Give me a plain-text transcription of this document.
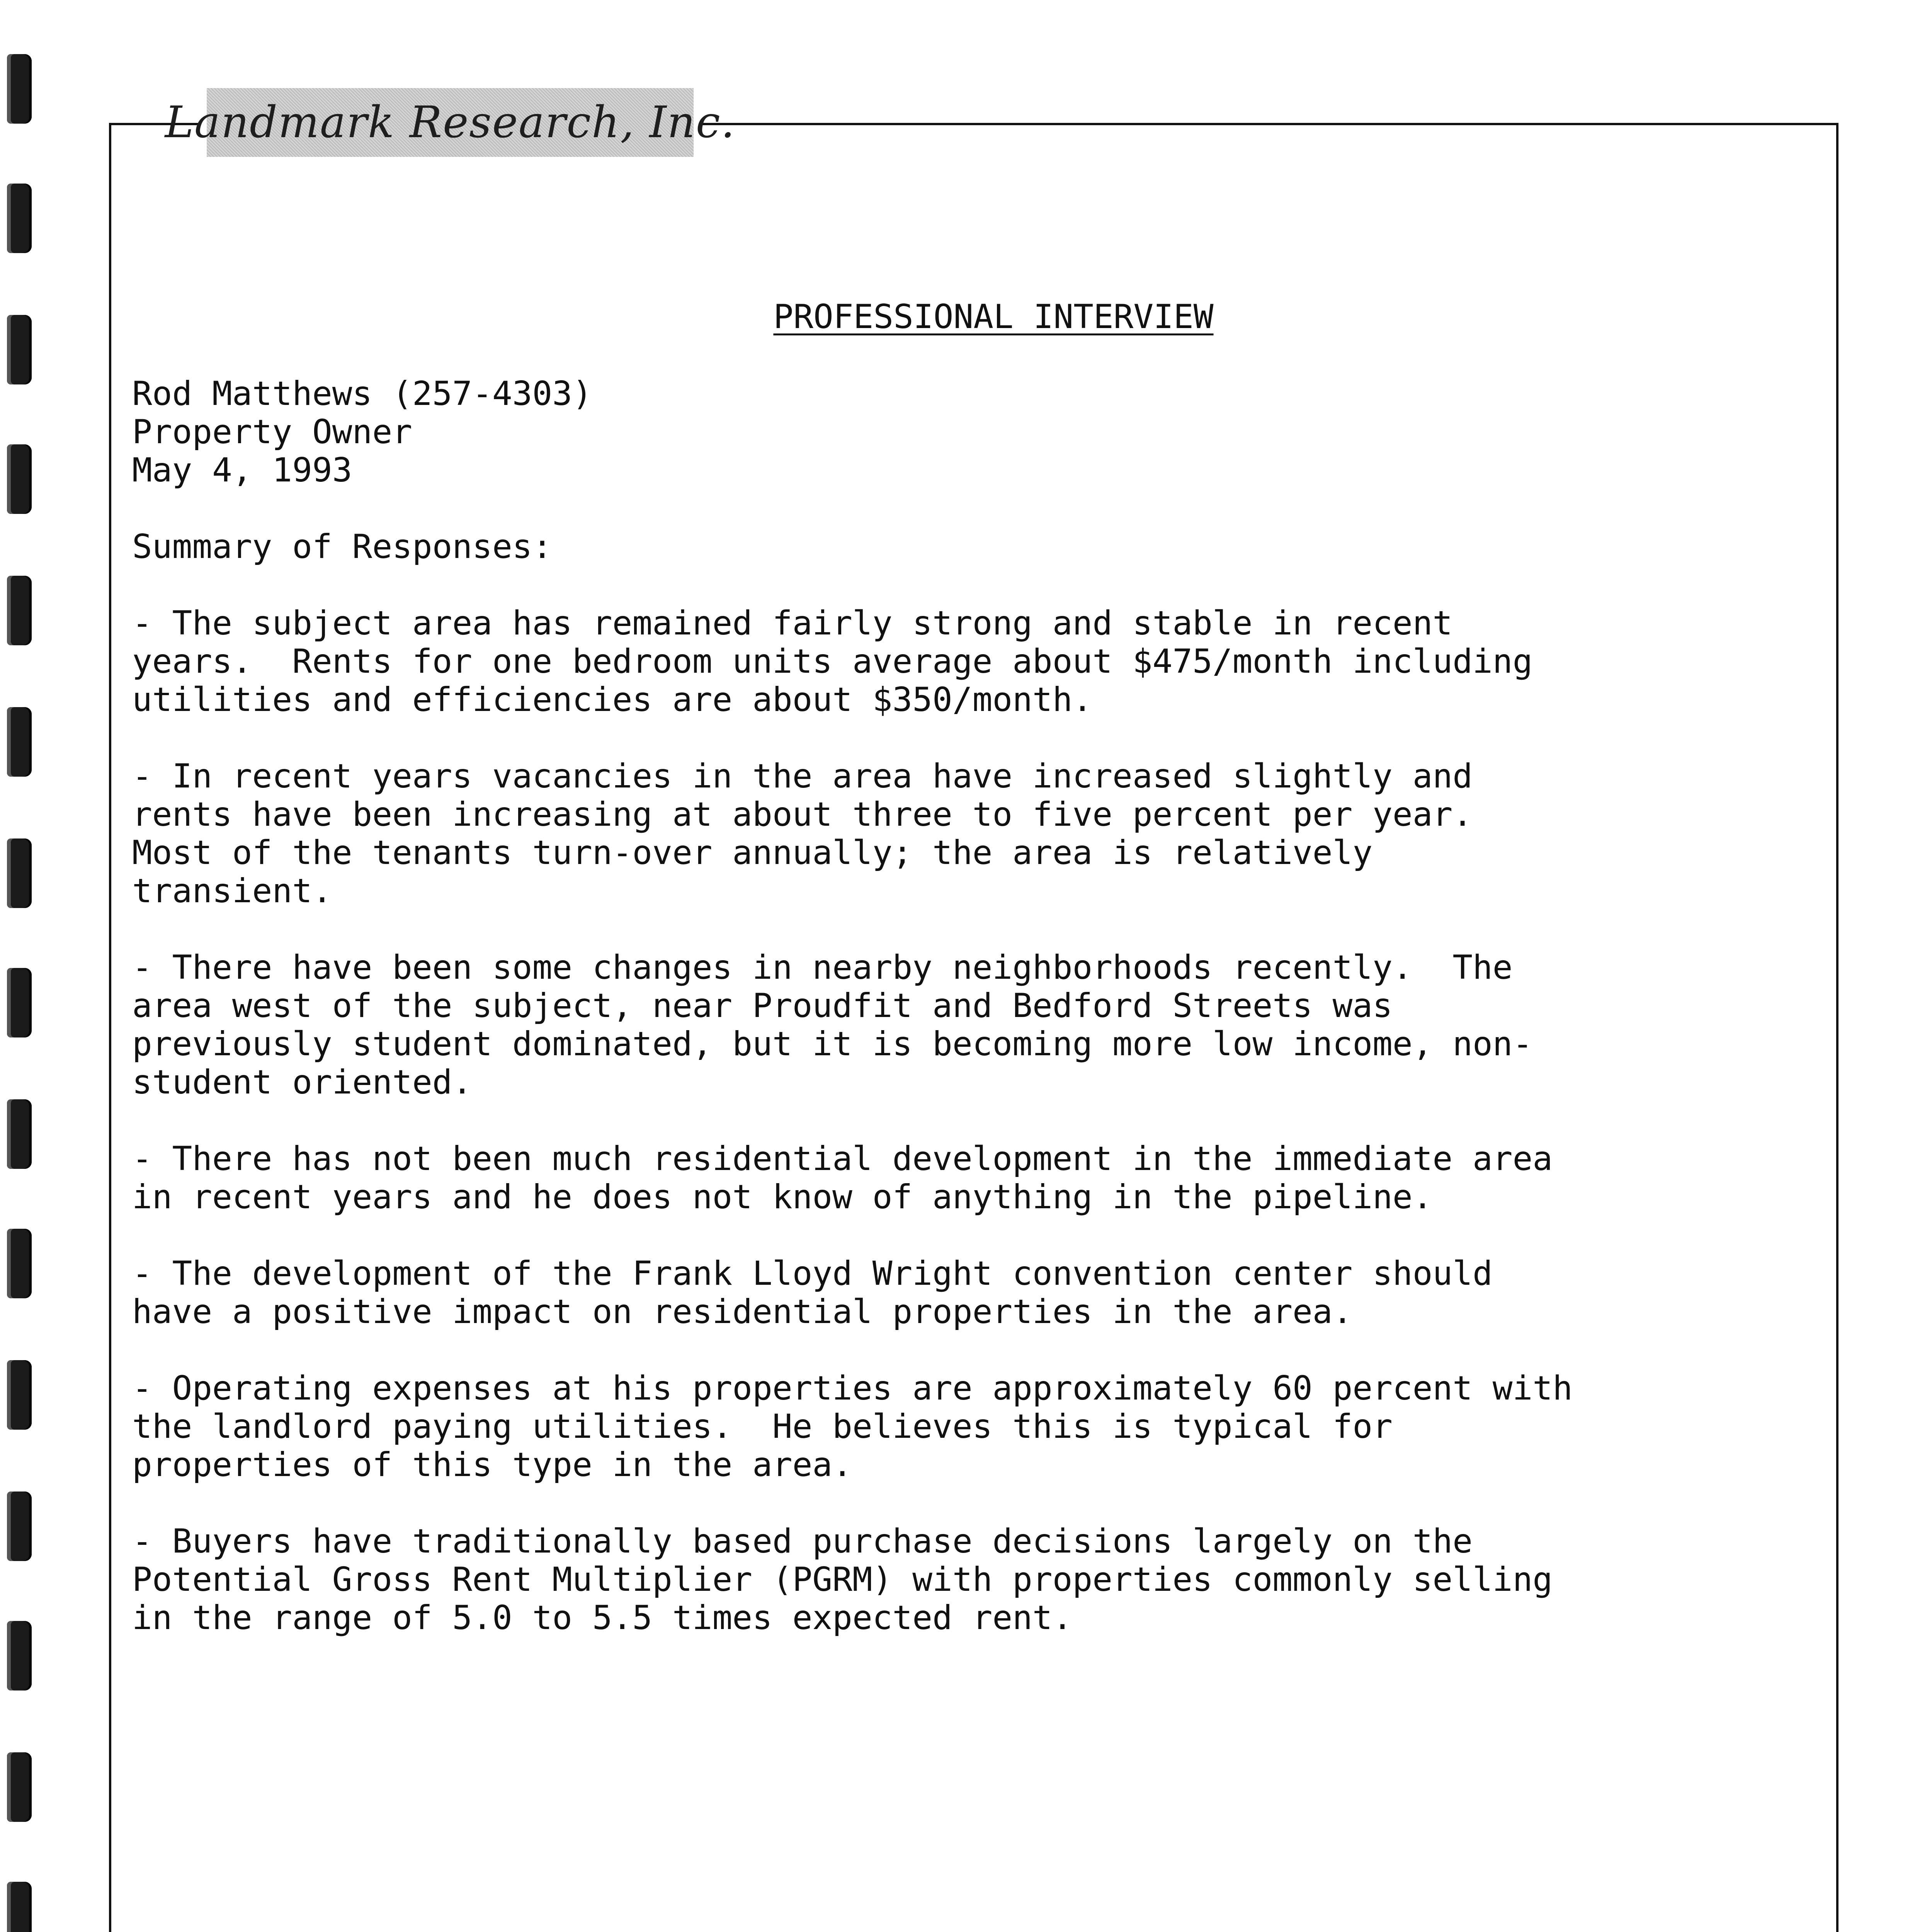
Landmark Research, Inc.
PROFESSIONAL INTERVIEW
Rod Matthews (257-4303)
Property Owner
May 4, 1993
Summary of Responses:
- The subject area has remained fairly strong and stable in recent
years.  Rents for one bedroom units average about $475/month including
utilities and efficiencies are about $350/month.
- In recent years vacancies in the area have increased slightly and
rents have been increasing at about three to five percent per year.
Most of the tenants turn-over annually; the area is relatively
transient.
- There have been some changes in nearby neighborhoods recently.  The
area west of the subject, near Proudfit and Bedford Streets was
previously student dominated, but it is becoming more low income, non-
student oriented.
- There has not been much residential development in the immediate area
in recent years and he does not know of anything in the pipeline.
- The development of the Frank Lloyd Wright convention center should
have a positive impact on residential properties in the area.
- Operating expenses at his properties are approximately 60 percent with
the landlord paying utilities.  He believes this is typical for
properties of this type in the area.
- Buyers have traditionally based purchase decisions largely on the
Potential Gross Rent Multiplier (PGRM) with properties commonly selling
in the range of 5.0 to 5.5 times expected rent.
